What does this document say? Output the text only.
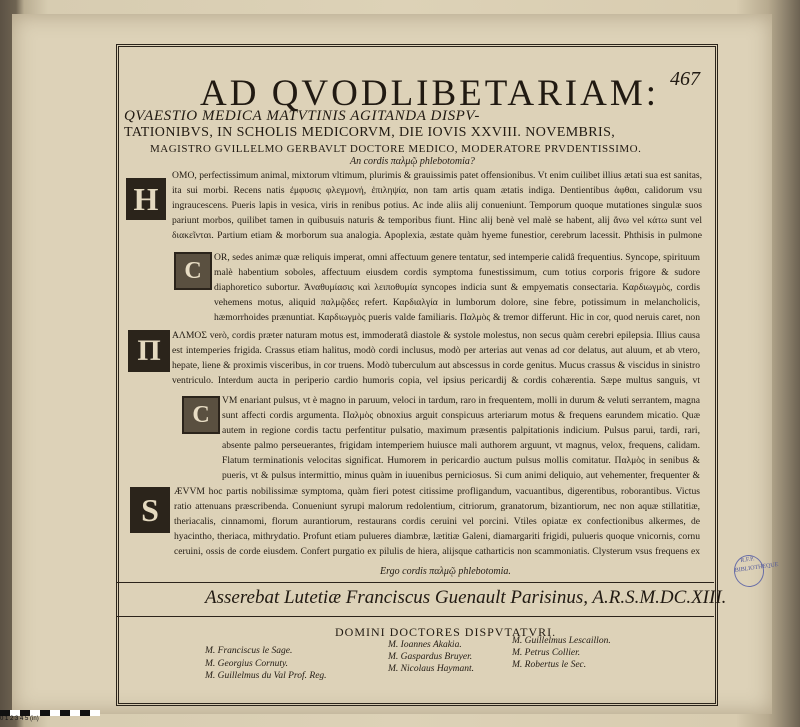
AD QVODLIBETARIAM: 467
QVAESTIO MEDICA MATVTINIS AGITANDA DISPV-
TATIONIBVS, IN SCHOLIS MEDICORVM, DIE IOVIS XXVIII. NOVEMBRIS,
MAGISTRO GVILLELMO GERBAVLT DOCTORE MEDICO, MODERATORE PRVDENTISSIMO.
An cordis παλμῷ phlebotomia?
H
OMO, perfectissimum animal, mixtorum vltimum, plurimis & grauissimis patet offensionibus. Vt enim cuilibet illius ætati sua est sanitas, ita sui morbi. Recens natis ἐμφυσις φλεγμονή, ἐπιληψία, non tam artis quam ætatis indiga. Dentientibus ἀφθαι, calidorum vsu ingraucescens. Pueris lapis in vesica, viris in renibus potius. Ac inde aliis alij conueniunt. Temporum quoque mutationes singulæ suos pariunt morbos, quilibet tamen in quibusuis naturis & temporibus fiunt. Hinc alij benè vel malè se habent, alij ἄνω vel κάτω sunt vel διακεῖνται. Partium etiam & morborum sua analogia. Apoplexia, æstate quàm hyeme funestior, cerebrum lacessit. Phthisis in pulmone
C
OR, sedes animæ quæ reliquis imperat, omni affectuum genere tentatur, sed intemperie calidâ frequentius. Syncope, spirituum malè habentium soboles, affectuum eiusdem cordis symptoma funestissimum, cum totius corporis frigore & sudore diaphoretico subortur. Ἀναθυμίασις καὶ λειποθυμία syncopes indicia sunt & empyematis consectaria. Καρδιωγμὸς, cordis vehemens motus, aliquid παλμῷδες refert. Καρδιαλγία in lumborum dolore, sine febre, potissimum in melancholicis, hæmorrhoides prænuntiat. Καρδιωγμὸς pueris valde familiaris. Παλμὸς & tremor differunt. Hic in cor, quod neruis caret, non
Π	ΑΛΜΟΣ verò, cordis præter naturam motus est, immoderatâ diastole & systole molestus, non secus quàm cerebri epilepsia. Illius causa est intemperies frigida. Crassus etiam halitus, modò cordi inclusus, modò per arterias aut venas ad cor delatus, aut aluum, et ab vtero, hepate, liene & proximis visceribus, in cor truens. Modò tuberculum aut abscessus in corde genitus. Mucus crassus & viscidus in sinistro ventriculo. Interdum aucta in periperio cardio humoris copia, vel ipsius pericardij & cordis cohærentia. Sæpe multus sanguis, vt
C
VM enariant pulsus, vt è magno in paruum, veloci in tardum, raro in frequentem, molli in durum & veluti serrantem, magna sunt affecti cordis argumenta. Παλμὸς obnoxius arguit conspicuus arteriarum motus & frequens earundem micatio. Quæ autem in regione cordis tactu perfentitur pulsatio, maximum præsentis palpitationis indicium. Pulsus parui, tardi, rari, absente palmo perseuerantes, frigidam intemperiem huiusce mali authorem arguunt, vt magnus, velox, frequens, calidam. Flatum terminationis velocitas significat. Humorem in pericardio auctum pulsus mollis comitatur. Παλμὸς in senibus & pueris, vt & pulsus intermittio, minus quàm in iuuenibus perniciosus. Si cum animi deliquio, aut vehementer, frequenter &
S
ÆVVM hoc partis nobilissimæ symptoma, quàm fieri potest citissime profligandum, vacuantibus, digerentibus, roborantibus. Victus ratio attenuans præscribenda. Conueniunt syrupi malorum redolentium, citriorum, granatorum, bizantiorum, nec non aquæ stillatitiæ, theriacalis, cinnamomi, florum aurantiorum, restaurans cordis ceruini vel porcini. Vtiles opiatæ ex confectionibus alkermes, de hyacintho, theriaca, mithrydatio. Profunt etiam pulueres diambræ, lætitiæ Galeni, diamargariti frigidi, pulueris quoque vnicornis, cornu ceruini, ossis de corde eiusdem. Confert purgatio ex pilulis de hiera, alijsque catharticis non scammoniatis. Clysterum vsus frequens ex
Ergo cordis παλμῷ phlebotomia.
Asserebat Lutetiæ Franciscus Guenault Parisinus, A.R.S.M.DC.XIII.
DOMINI DOCTORES DISPVTATVRI.
M. Franciscus le Sage.
M. Georgius Cornuty.
M. Guillelmus du Val Prof. Reg.
M. Ioannes Akakia.
M. Gaspardus Bruyer.
M. Nicolaus Haymant.
M. Guillelmus Lescaillon.
M. Petrus Collier.
M. Robertus le Sec.
R.F.P. BIBLIOTHEQUE
0 1 2 3 4 5 (in)
